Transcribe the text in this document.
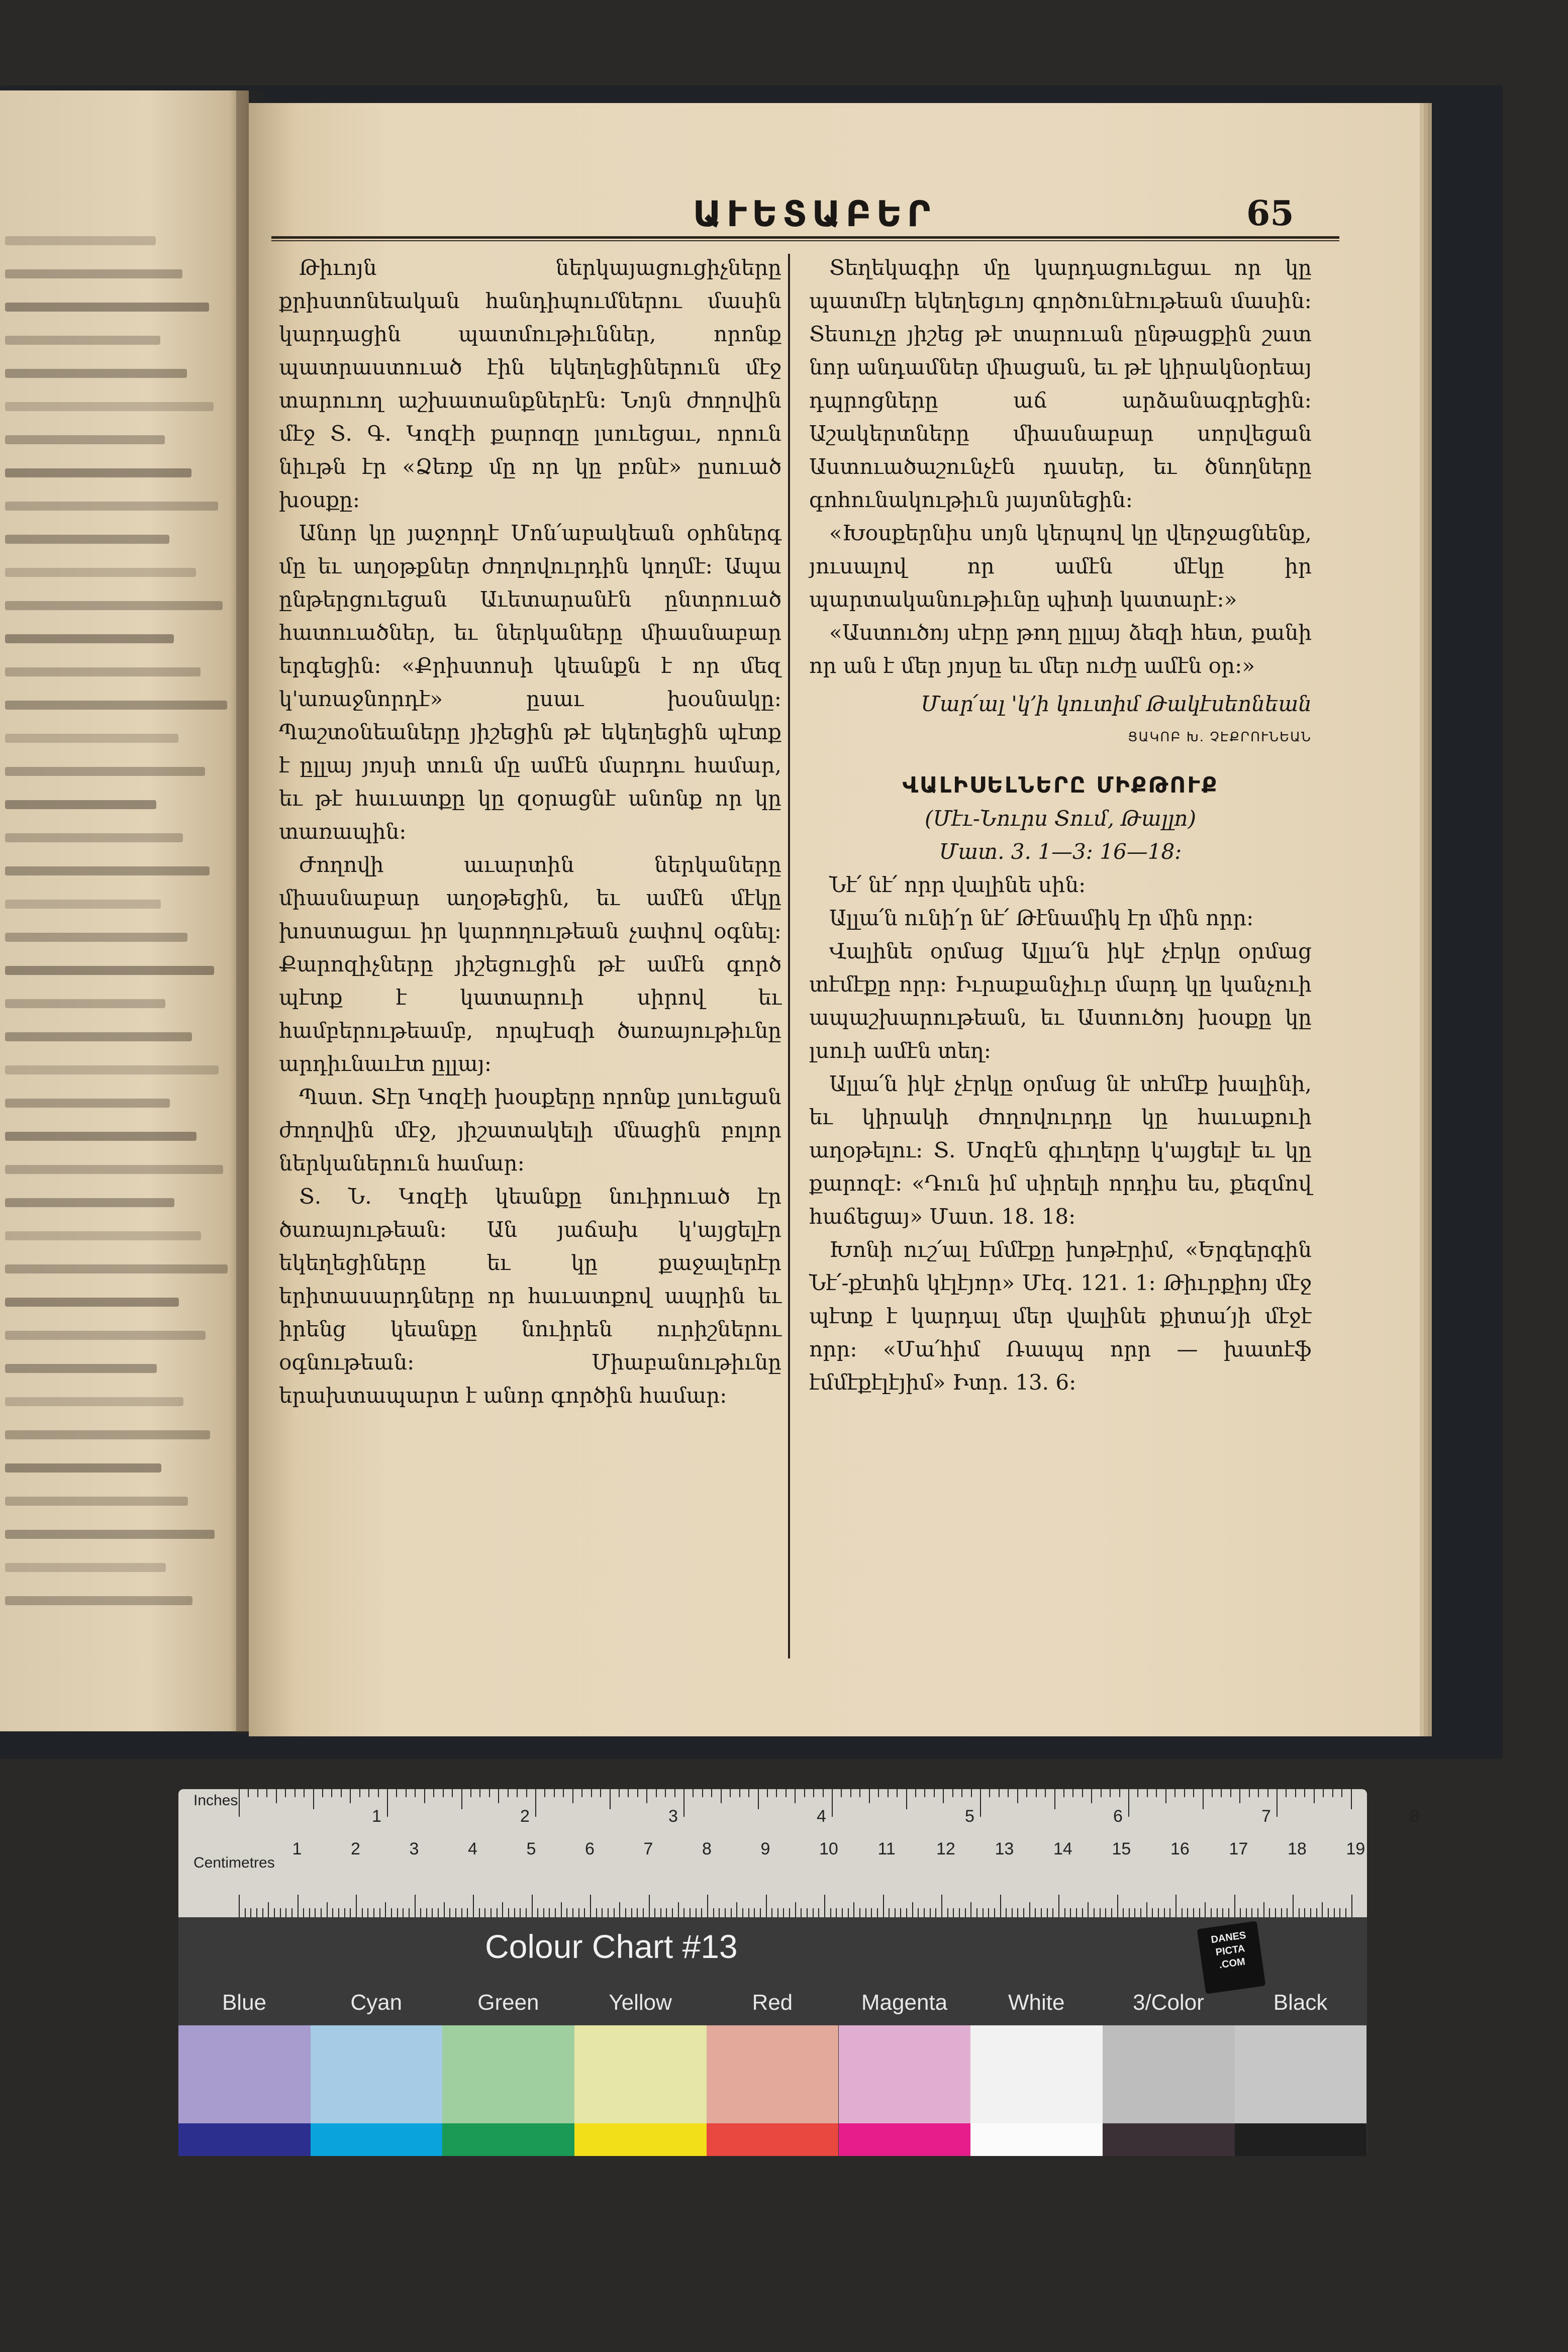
ԱՒԵՏԱԲԵՐ	65

Թիւոյն ներկայացուցիչները քրիստոնեական հանդիպումներու մասին կարդացին պատմութիւններ, որոնք պատրաստուած էին եկեղեցիներուն մէջ տարուող աշխատանքներէն։ Նոյն ժողովին մէջ Տ. Գ. Կոզէի քարոզը լսուեցաւ, որուն նիւթն էր «Ձեռք մը որ կը բռնէ» ըսուած խօսքը։

Անոր կը յաջորդէ Մոն՛աբակեան օրհներգ մը եւ աղօթքներ ժողովուրդին կողմէ։ Ապա ընթերցուեցան Աւետարանէն ընտրուած հատուածներ, եւ ներկաները միասնաբար երգեցին։ «Քրիստոսի կեանքն է որ մեզ կ'առաջնորդէ» ըսաւ խօսնակը։ Պաշտօնեաները յիշեցին թէ եկեղեցին պէտք է ըլլայ յոյսի տուն մը ամէն մարդու համար, եւ թէ հաւատքը կը զօրացնէ անոնք որ կը տառապին։

Ժողովի աւարտին ներկաները միասնաբար աղօթեցին, եւ ամէն մէկը խոստացաւ իր կարողութեան չափով օգնել։ Քարոզիչները յիշեցուցին թէ ամէն գործ պէտք է կատարուի սիրով եւ համբերութեամբ, որպէսզի ծառայութիւնը արդիւնաւէտ ըլլայ։

Պատ. Տէր Կոզէի խօսքերը որոնք լսուեցան ժողովին մէջ, յիշատակելի մնացին բոլոր ներկաներուն համար։

Տ. Ն. Կոզէի կեանքը նուիրուած էր ծառայութեան։ Ան յաճախ կ'այցելէր եկեղեցիները եւ կը քաջալերէր երիտասարդները որ հաւատքով ապրին եւ իրենց կեանքը նուիրեն ուրիշներու օգնութեան։ Միաբանութիւնը երախտապարտ է անոր գործին համար։

Տեղեկագիր մը կարդացուեցաւ որ կը պատմէր եկեղեցւոյ գործունէութեան մասին։ Տեսուչը յիշեց թէ տարուան ընթացքին շատ նոր անդամներ միացան, եւ թէ կիրակնօրեայ դպրոցները աճ արձանագրեցին։ Աշակերտները միասնաբար սորվեցան Աստուածաշունչէն դասեր, եւ ծնողները գոհունակութիւն յայտնեցին։

«Խօսքերնիս սոյն կերպով կը վերջացնենք, յուսալով որ ամէն մէկը իր պարտականութիւնը պիտի կատարէ։»

«Աստուծոյ սէրը թող ըլլայ ձեզի հետ, քանի որ ան է մեր յոյսը եւ մեր ուժը ամէն օր։»

Մար՛ալ 'կ՚ի կուտիմ Թակէսեոնեան

ՑԱԿՈԲ Խ. ՉԷՔՐՈՒՆԵԱՆ

ՎԱԼԻՍԵԼՆԵՐԸ ՄԻՔԹՈՒՔ

(Մէւ-Նուրս Տում, Թալլո)

Մատ. 3. 1—3։ 16—18։

Նէ՛ նէ՛ որր վալինե սին։

Ալլա՛ն ունի՛ր նէ՛ Թէնամիկ էր մին որր։

Վալինե օրմաց Ալլա՛ն իկէ չէրկը օրմաց տէմէքը որր։ Իւրաքանչիւր մարդ կը կանչուի ապաշխարութեան, եւ Աստուծոյ խօսքը կը լսուի ամէն տեղ։

Ալլա՛ն իկէ չէրկը օրմաց նէ տէմէք խալինի, եւ կիրակի ժողովուրդը կը հաւաքուի աղօթելու։ Տ. Մոզէն գիւղերը կ'այցելէ եւ կը քարոզէ։ «Դուն իմ սիրելի որդիս ես, քեզմով հաճեցայ» Մատ. 18. 18։

Խոնի ուշ՛ալ էմմէքը խոթէրիմ, «Երգերգին Նէ՛-քէտին կէլէյոր» Մէզ. 121. 1։ Թիւրքիոյ մէջ պէտք է կարդալ մեր վալինե քիտա՛յի մէջէ որր։ «Մա՛հիմ Ռապպ որր — խատէֆ էմմէքէլէյիմ» Իտր. 13. 6։

Inches
Centimetres
1	2	3	4	5	6	7	8	9	10 11 12 13 14 15 16 17 18 19
1	2	3	4	5	6	7	8
Colour Chart #13	DANES
PICTA
.COM
Blue	Cyan	Green	Yellow	Red	Magenta	White	3/Color	Black
